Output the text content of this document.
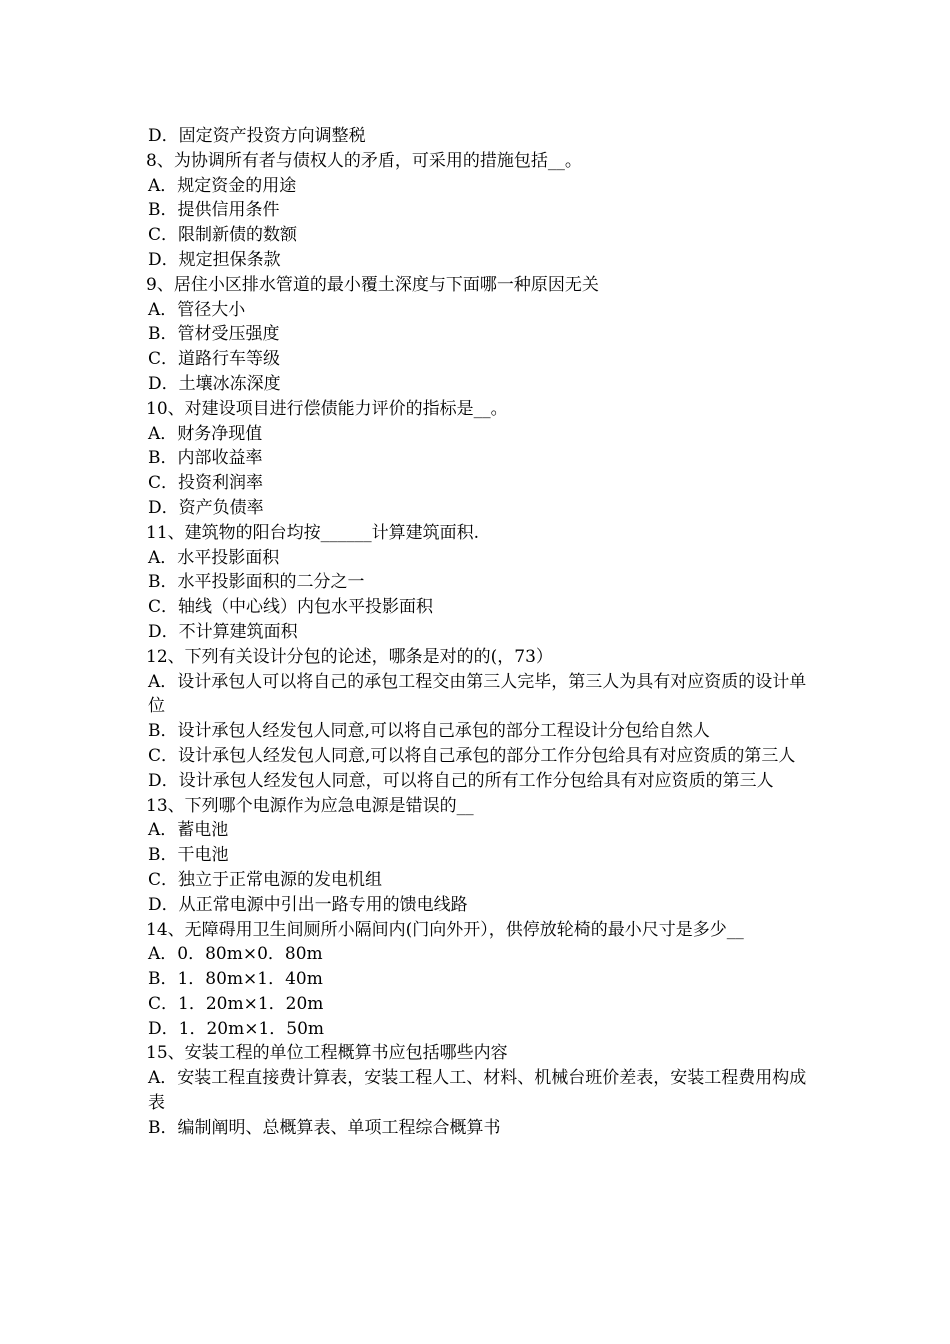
D．固定资产投资方向调整税
8、为协调所有者与债权人的矛盾，可采用的措施包括__。
A．规定资金的用途
B．提供信用条件
C．限制新债的数额
D．规定担保条款
9、居住小区排水管道的最小覆土深度与下面哪一种原因无关
A．管径大小
B．管材受压强度
C．道路行车等级
D．土壤冰冻深度
10、对建设项目进行偿债能力评价的指标是__。
A．财务净现值
B．内部收益率
C．投资利润率
D．资产负债率
11、建筑物的阳台均按______计算建筑面积.
A．水平投影面积
B．水平投影面积的二分之一
C．轴线（中心线）内包水平投影面积
D．不计算建筑面积
12、下列有关设计分包的论述，哪条是对的的(，73）
A．设计承包人可以将自己的承包工程交由第三人完毕，第三人为具有对应资质的设计单位
B．设计承包人经发包人同意,可以将自己承包的部分工程设计分包给自然人
C．设计承包人经发包人同意,可以将自己承包的部分工作分包给具有对应资质的第三人
D．设计承包人经发包人同意，可以将自己的所有工作分包给具有对应资质的第三人
13、下列哪个电源作为应急电源是错误的__
A．蓄电池
B．干电池
C．独立于正常电源的发电机组
D．从正常电源中引出一路专用的馈电线路
14、无障碍用卫生间厕所小隔间内(门向外开），供停放轮椅的最小尺寸是多少__
A．0．80m×0．80m
B．1．80m×1．40m
C．1．20m×1．20m
D．1．20m×1．50m
15、安装工程的单位工程概算书应包括哪些内容
A．安装工程直接费计算表，安装工程人工、材料、机械台班价差表，安装工程费用构成表
B．编制阐明、总概算表、单项工程综合概算书
